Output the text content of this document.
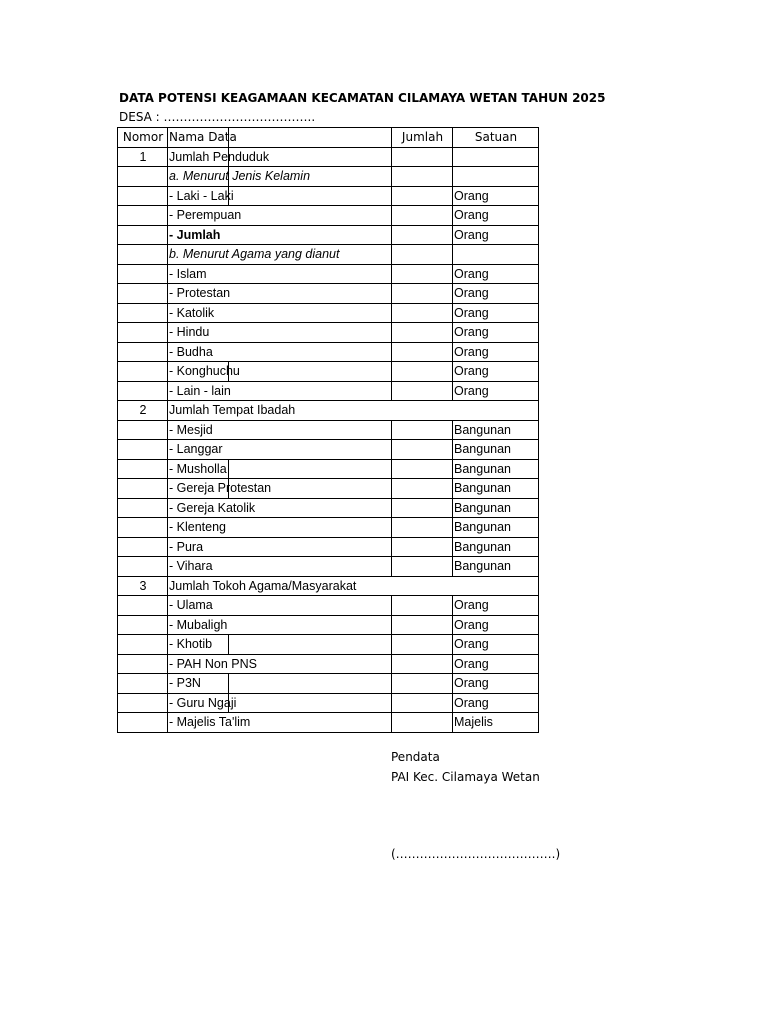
DATA POTENSI KEAGAMAAN KECAMATAN CILAMAYA WETAN TAHUN 2025
DESA : ………………………………..
Nomor	Nama Data	Jumlah	Satuan
1	Jumlah Penduduk

	a. Menurut Jenis Kelamin

	- Laki - Laki		Orang
	- Perempuan		Orang
	- Jumlah		Orang
	b. Menurut Agama yang dianut		
	- Islam		Orang
	- Protestan		Orang
	- Katolik		Orang
	- Hindu		Orang
	- Budha		Orang
	- Konghuchu		Orang
	- Lain - lain		Orang
2	Jumlah Tempat Ibadah		
	- Mesjid		Bangunan
	- Langgar		Bangunan
	- Musholla		Bangunan
	- Gereja Protestan		Bangunan
	- Gereja Katolik		Bangunan
	- Klenteng		Bangunan
	- Pura		Bangunan
	- Vihara		Bangunan
3	Jumlah Tokoh Agama/Masyarakat		
	- Ulama		Orang
	- Mubaligh		Orang
	- Khotib		Orang
	- PAH Non PNS		Orang
	- P3N		Orang
	- Guru Ngaji		Orang
	- Majelis Ta'lim		Majelis
Pendata
PAI Kec. Cilamaya Wetan
(………………………………….)
